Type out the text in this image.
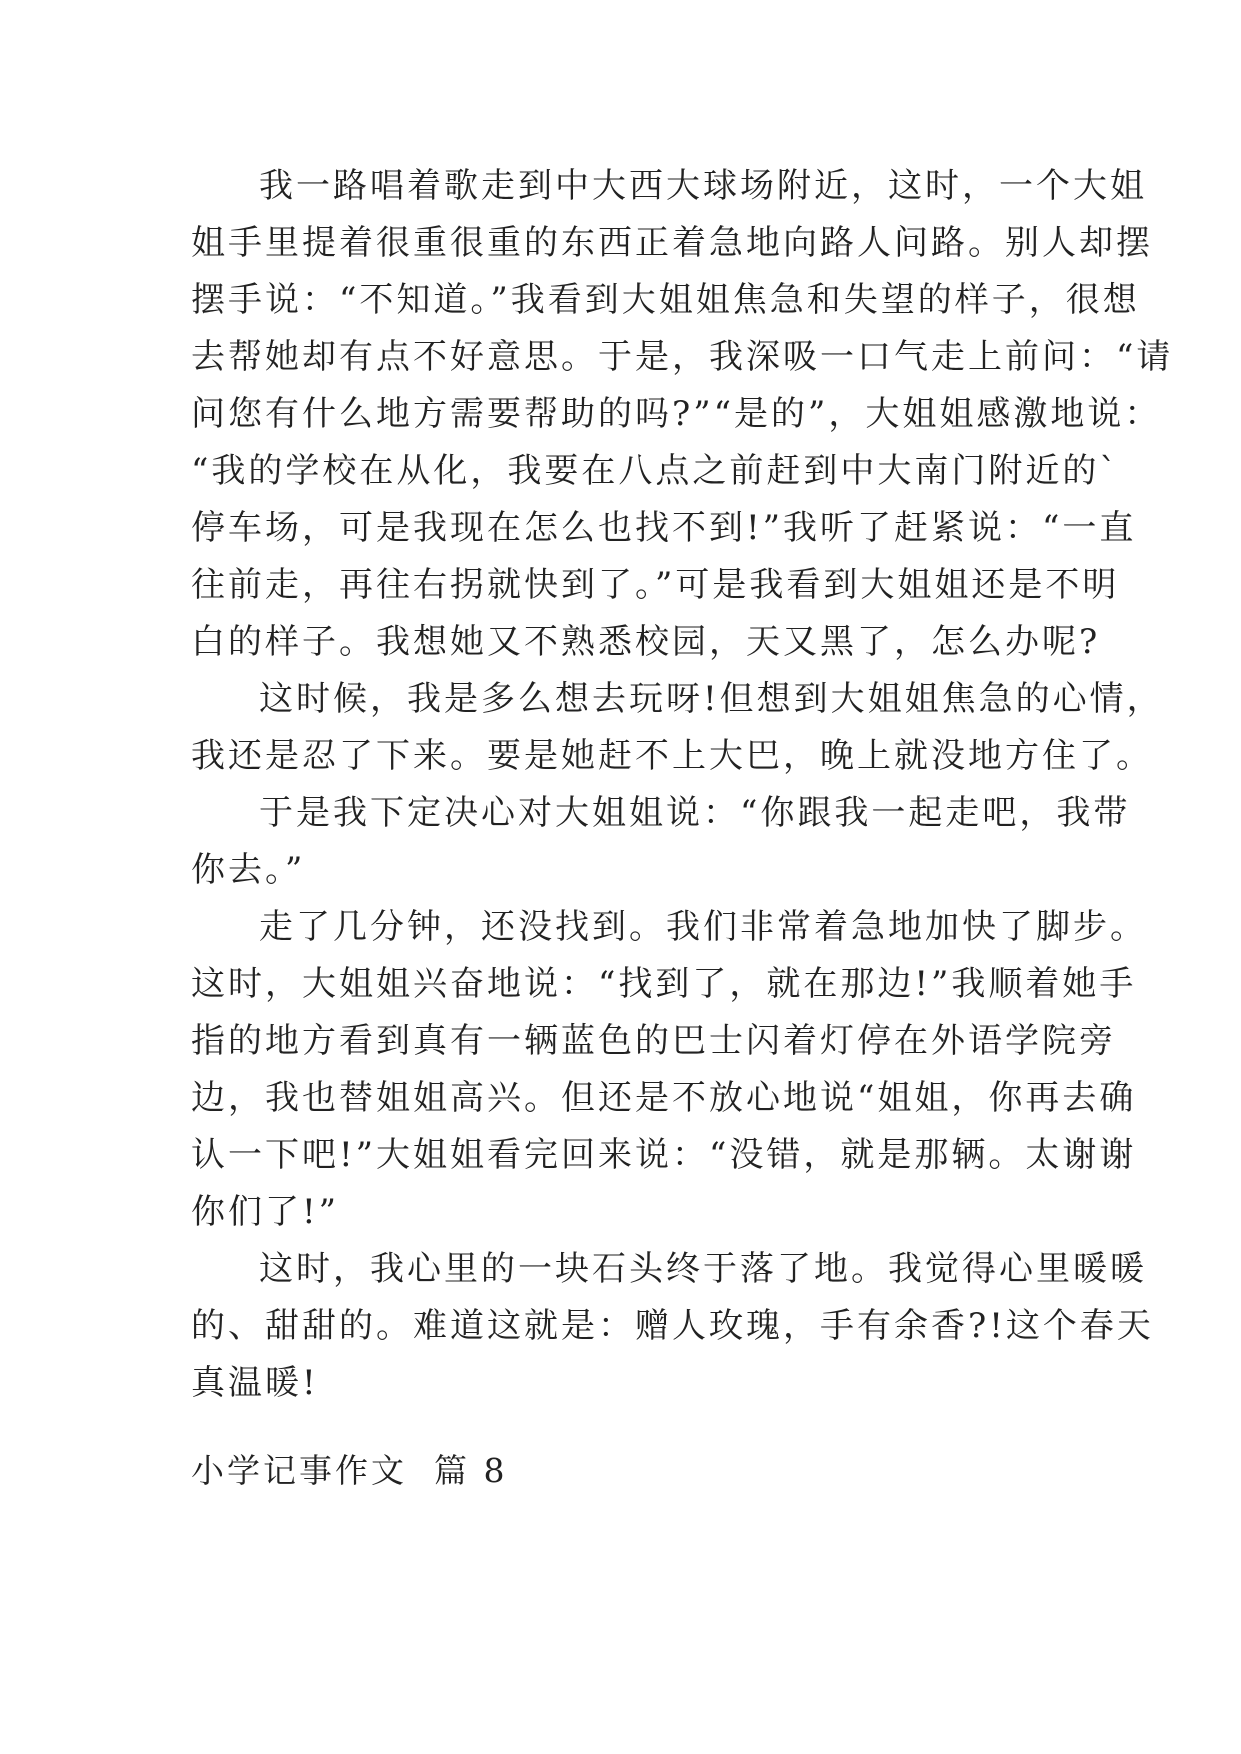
我一路唱着歌走到中大西大球场附近，这时，一个大姐
姐手里提着很重很重的东西正着急地向路人问路。别人却摆
摆手说：“不知道。”我看到大姐姐焦急和失望的样子，很想
去帮她却有点不好意思。于是，我深吸一口气走上前问：“请
问您有什么地方需要帮助的吗?”“是的”，大姐姐感激地说：
“我的学校在从化，我要在八点之前赶到中大南门附近的`
停车场，可是我现在怎么也找不到!”我听了赶紧说：“一直
往前走，再往右拐就快到了。”可是我看到大姐姐还是不明
白的样子。我想她又不熟悉校园，天又黑了，怎么办呢?
这时候，我是多么想去玩呀!但想到大姐姐焦急的心情，
我还是忍了下来。要是她赶不上大巴，晚上就没地方住了。
于是我下定决心对大姐姐说：“你跟我一起走吧，我带
你去。”
走了几分钟，还没找到。我们非常着急地加快了脚步。
这时，大姐姐兴奋地说：“找到了，就在那边!”我顺着她手
指的地方看到真有一辆蓝色的巴士闪着灯停在外语学院旁
边，我也替姐姐高兴。但还是不放心地说“姐姐，你再去确
认一下吧!”大姐姐看完回来说：“没错，就是那辆。太谢谢
你们了!”
这时，我心里的一块石头终于落了地。我觉得心里暖暖
的、甜甜的。难道这就是：赠人玫瑰，手有余香?!这个春天
真温暖!
小学记事作文  篇 8
